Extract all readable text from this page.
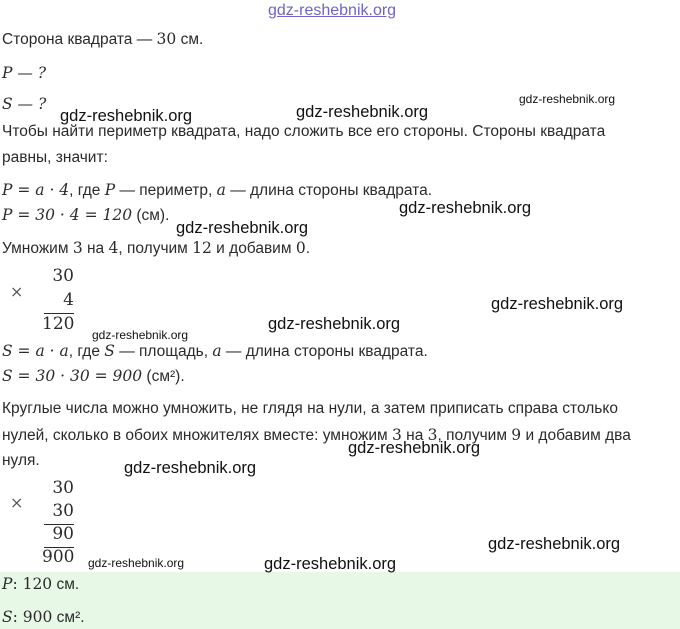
gdz-reshebnik.org
Сторона квадрата — 30 см.
P — ?
S — ?
Чтобы найти периметр квадрата, надо сложить все его стороны. Стороны квадрата
равны, значит:
P = a · 4, где P — периметр, a — длина стороны квадрата.
P = 30 · 4 = 120 (см).
Умножим 3 на 4, получим 12 и добавим 0.
×
30
4
120
S = a · a, где S — площадь, a — длина стороны квадрата.
S = 30 · 30 = 900 (см²).
Круглые числа можно умножить, не глядя на нули, а затем приписать справа столько
нулей, сколько в обоих множителях вместе: умножим 3 на 3, получим 9 и добавим два
нуля.
×
30
30
90
900
P: 120 см.
S: 900 см².
gdz-reshebnik.org	gdz-reshebnik.org
gdz-reshebnik.org
gdz-reshebnik.org
gdz-reshebnik.org
gdz-reshebnik.org
gdz-reshebnik.org
gdz-reshebnik.org
gdz-reshebnik.org
gdz-reshebnik.org
gdz-reshebnik.org
gdz-reshebnik.org	gdz-reshebnik.org
